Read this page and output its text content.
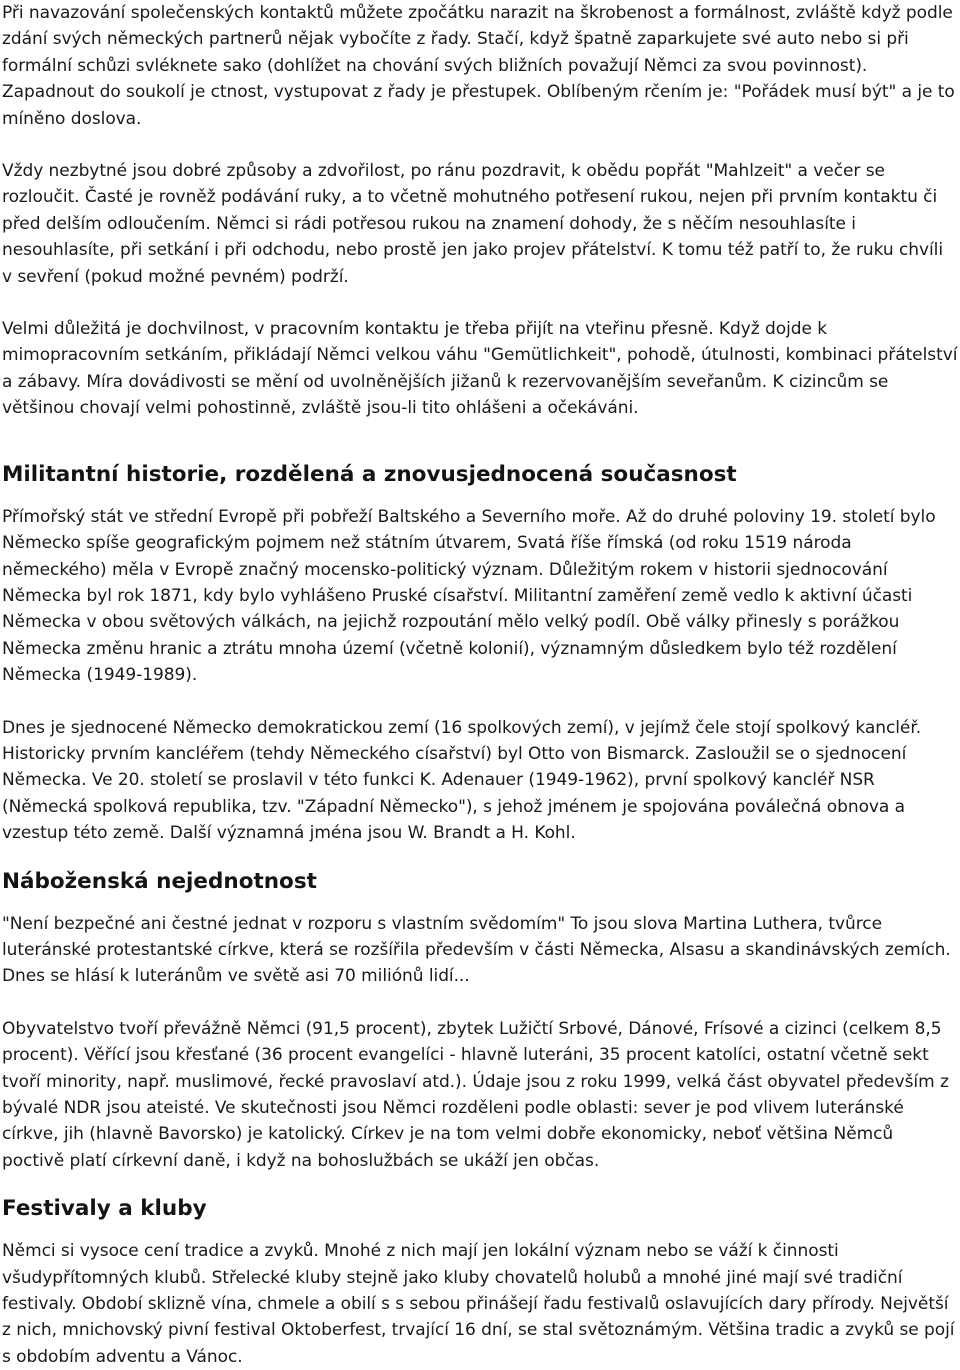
Při navazování společenských kontaktů můžete zpočátku narazit na škrobenost a formálnost, zvláště když podle zdání svých německých partnerů nějak vybočíte z řady. Stačí, když špatně zaparkujete své auto nebo si při formální schůzi svléknete sako (dohlížet na chování svých bližních považují Němci za svou povinnost). Zapadnout do soukolí je ctnost, vystupovat z řady je přestupek. Oblíbeným rčením je: "Pořádek musí být" a je to míněno doslova.

Vždy nezbytné jsou dobré způsoby a zdvořilost, po ránu pozdravit, k obědu popřát "Mahlzeit" a večer se rozloučit. Časté je rovněž podávání ruky, a to včetně mohutného potřesení rukou, nejen při prvním kontaktu či před delším odloučením. Němci si rádi potřesou rukou na znamení dohody, že s něčím nesouhlasíte i nesouhlasíte, při setkání i při odchodu, nebo prostě jen jako projev přátelství. K tomu též patří to, že ruku chvíli v sevření (pokud možné pevném) podrží.

Velmi důležitá je dochvilnost, v pracovním kontaktu je třeba přijít na vteřinu přesně. Když dojde k mimopracovním setkáním, přikládají Němci velkou váhu "Gemütlichkeit", pohodě, útulnosti, kombinaci přátelství a zábavy. Míra dovádivosti se mění od uvolněnějších jižanů k rezervovanějším seveřanům. K cizincům se většinou chovají velmi pohostinně, zvláště jsou-li tito ohlášeni a očekáváni.

Militantní historie, rozdělená a znovusjednocená současnost

Přímořský stát ve střední Evropě při pobřeží Baltského a Severního moře. Až do druhé poloviny 19. století bylo Německo spíše geografickým pojmem než státním útvarem, Svatá říše římská (od roku 1519 národa německého) měla v Evropě značný mocensko-politický význam. Důležitým rokem v historii sjednocování Německa byl rok 1871, kdy bylo vyhlášeno Pruské císařství. Militantní zaměření země vedlo k aktivní účasti Německa v obou světových válkách, na jejichž rozpoutání mělo velký podíl. Obě války přinesly s porážkou Německa změnu hranic a ztrátu mnoha území (včetně kolonií), významným důsledkem bylo též rozdělení Německa (1949-1989).

Dnes je sjednocené Německo demokratickou zemí (16 spolkových zemí), v jejímž čele stojí spolkový kancléř. Historicky prvním kancléřem (tehdy Německého císařství) byl Otto von Bismarck. Zasloužil se o sjednocení Německa. Ve 20. století se proslavil v této funkci K. Adenauer (1949-1962), první spolkový kancléř NSR (Německá spolková republika, tzv. "Západní Německo"), s jehož jménem je spojována poválečná obnova a vzestup této země. Další významná jména jsou W. Brandt a H. Kohl.

Náboženská nejednotnost

"Není bezpečné ani čestné jednat v rozporu s vlastním svědomím" To jsou slova Martina Luthera, tvůrce luteránské protestantské církve, která se rozšířila především v části Německa, Alsasu a skandinávských zemích. Dnes se hlásí k luteránům ve světě asi 70 miliónů lidí...

Obyvatelstvo tvoří převážně Němci (91,5 procent), zbytek Lužičtí Srbové, Dánové, Frísové a cizinci (celkem 8,5 procent). Věřící jsou křesťané (36 procent evangelíci - hlavně luteráni, 35 procent katolíci, ostatní včetně sekt tvoří minority, např. muslimové, řecké pravoslaví atd.). Údaje jsou z roku 1999, velká část obyvatel především z bývalé NDR jsou ateisté. Ve skutečnosti jsou Němci rozděleni podle oblasti: sever je pod vlivem luteránské církve, jih (hlavně Bavorsko) je katolický. Církev je na tom velmi dobře ekonomicky, neboť většina Němců poctivě platí církevní daně, i když na bohoslužbách se ukáží jen občas.

Festivaly a kluby

Němci si vysoce cení tradice a zvyků. Mnohé z nich mají jen lokální význam nebo se váží k činnosti všudypřítomných klubů. Střelecké kluby stejně jako kluby chovatelů holubů a mnohé jiné mají své tradiční festivaly. Období sklizně vína, chmele a obilí s s sebou přinášejí řadu festivalů oslavujících dary přírody. Největší z nich, mnichovský pivní festival Oktoberfest, trvající 16 dní, se stal světoznámým. Většina tradic a zvyků se pojí s obdobím adventu a Vánoc.
